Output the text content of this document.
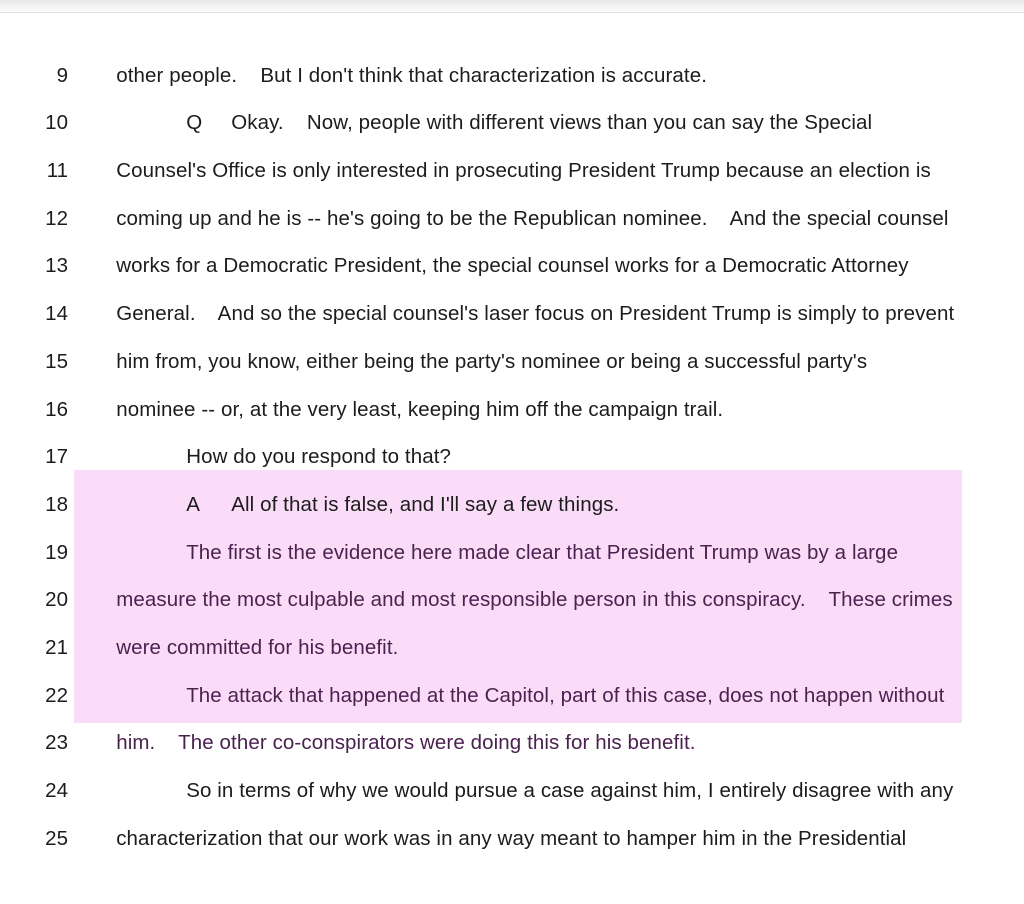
9 other people.    But I don't think that characterization is accurate.

10	Q Okay.    Now, people with different views than you can say the Special

11 Counsel's Office is only interested in prosecuting President Trump because an election is

12 coming up and he is -- he's going to be the Republican nominee.    And the special counsel

13 works for a Democratic President, the special counsel works for a Democratic Attorney

14 General.    And so the special counsel's laser focus on President Trump is simply to prevent

15 him from, you know, either being the party's nominee or being a successful party's

16 nominee -- or, at the very least, keeping him off the campaign trail.

17	How do you respond to that?

18	A All of that is false, and I'll say a few things.

19	The first is the evidence here made clear that President Trump was by a large

20 measure the most culpable and most responsible person in this conspiracy.    These crimes

21 were committed for his benefit.

22	The attack that happened at the Capitol, part of this case, does not happen without

23 him.    The other co-conspirators were doing this for his benefit.

24	So in terms of why we would pursue a case against him, I entirely disagree with any

25 characterization that our work was in any way meant to hamper him in the Presidential
